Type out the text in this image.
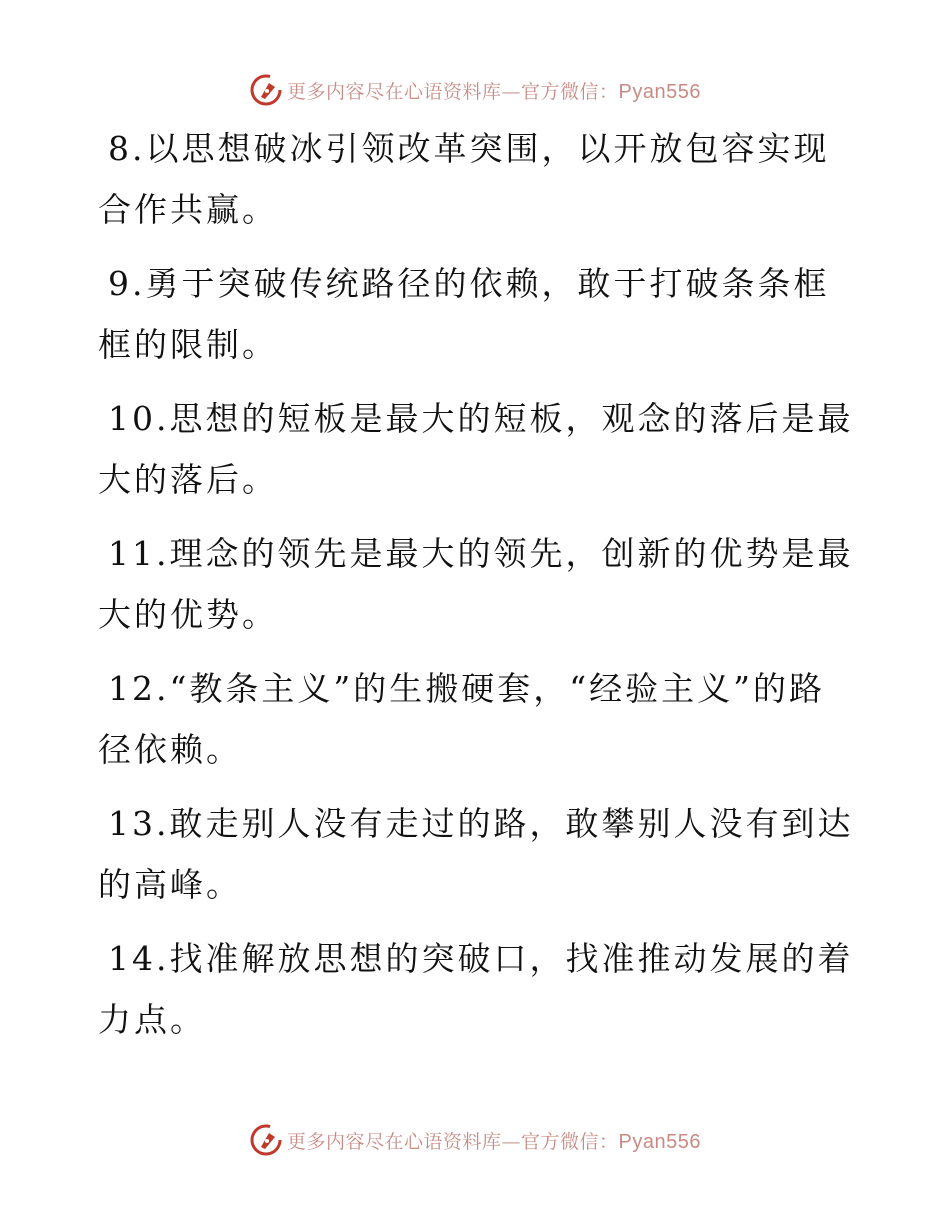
更多内容尽在心语资料库—官方微信：Pyan556
8.以思想破冰引领改革突围，以开放包容实现合作共赢。
9.勇于突破传统路径的依赖，敢于打破条条框框的限制。
10.思想的短板是最大的短板，观念的落后是最大的落后。
11.理念的领先是最大的领先，创新的优势是最大的优势。
12.“教条主义”的生搬硬套，“经验主义”的路径依赖。
13.敢走别人没有走过的路，敢攀别人没有到达的高峰。
14.找准解放思想的突破口，找准推动发展的着力点。
更多内容尽在心语资料库—官方微信：Pyan556
